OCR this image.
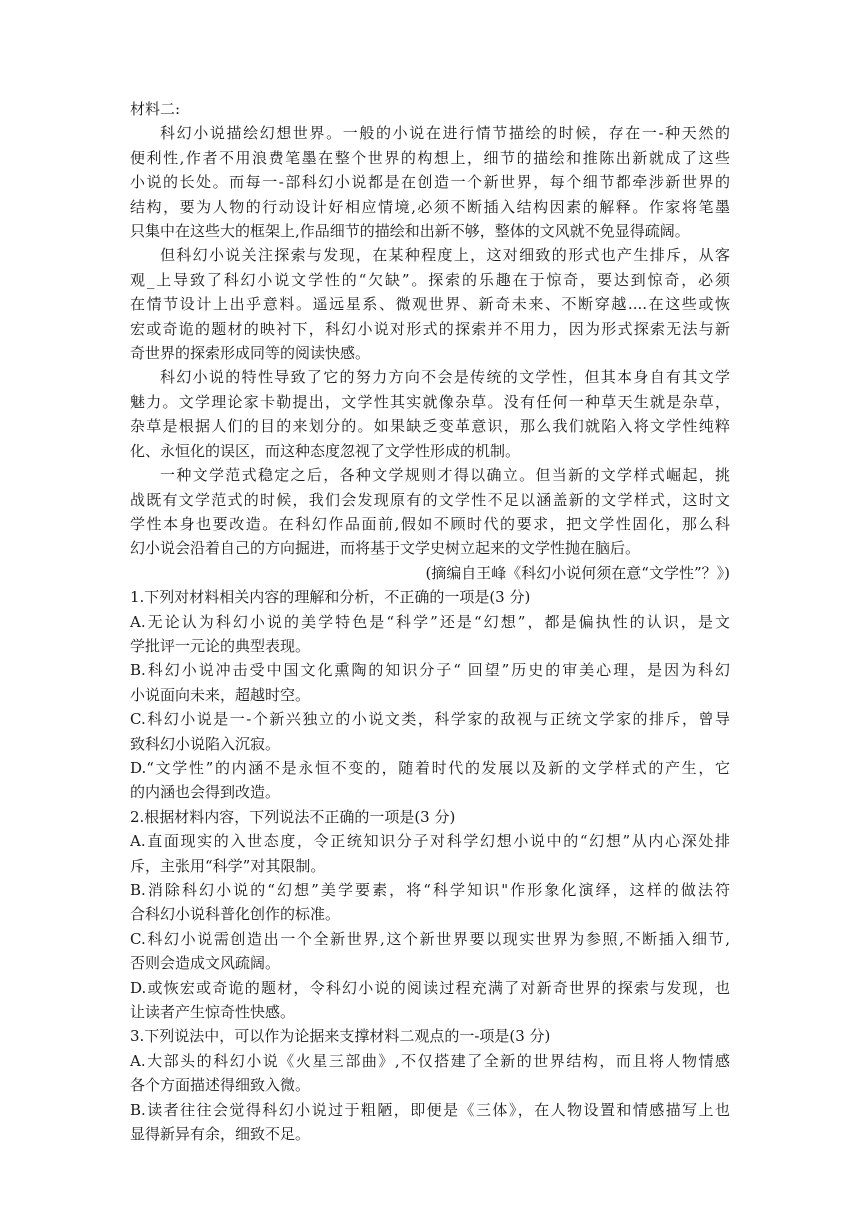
材料二:
科幻小说描绘幻想世界。一般的小说在进行情节描绘的时候，存在一-种天然的
便利性,作者不用浪费笔墨在整个世界的构想上，细节的描绘和推陈出新就成了这些
小说的长处。而每一-部科幻小说都是在创造一个新世界，每个细节都牵涉新世界的
结构，要为人物的行动设计好相应情境,必须不断插入结构因素的解释。作家将笔墨
只集中在这些大的框架上,作品细节的描绘和出新不够，整体的文风就不免显得疏阔。
但科幻小说关注探索与发现，在某种程度上，这对细致的形式也产生排斥，从客
观_上导致了科幻小说文学性的“欠缺”。探索的乐趣在于惊奇，要达到惊奇，必须
在情节设计上出乎意料。遥远星系、微观世界、新奇未来、不断穿越....在这些或恢
宏或奇诡的题材的映衬下，科幻小说对形式的探索并不用力，因为形式探索无法与新
奇世界的探索形成同等的阅读快感。
科幻小说的特性导致了它的努力方向不会是传统的文学性，但其本身自有其文学
魅力。文学理论家卡勒提出，文学性其实就像杂草。没有任何一种草天生就是杂草，
杂草是根据人们的目的来划分的。如果缺乏变革意识，那么我们就陷入将文学性纯粹
化、永恒化的误区，而这种态度忽视了文学性形成的机制。
一种文学范式稳定之后，各种文学规则才得以确立。但当新的文学样式崛起，挑
战既有文学范式的时候，我们会发现原有的文学性不足以涵盖新的文学样式，这时文
学性本身也要改造。在科幻作品面前,假如不顾时代的要求，把文学性固化，那么科
幻小说会沿着自己的方向掘进，而将基于文学史树立起来的文学性抛在脑后。
(摘编自王峰《科幻小说何须在意“文学性”？》)
1.下列对材料相关内容的理解和分析，不正确的一项是(3 分)
A.无论认为科幻小说的美学特色是“科学”还是“幻想”，都是偏执性的认识，是文
学批评一元论的典型表现。
B.科幻小说冲击受中国文化熏陶的知识分子“ 回望”历史的审美心理，是因为科幻
小说面向未来，超越时空。
C.科幻小说是一-个新兴独立的小说文类，科学家的敌视与正统文学家的排斥，曾导
致科幻小说陷入沉寂。
D.“文学性”的内涵不是永恒不变的，随着时代的发展以及新的文学样式的产生，它
的内涵也会得到改造。
2.根据材料内容，下列说法不正确的一项是(3 分)
A.直面现实的入世态度，令正统知识分子对科学幻想小说中的“幻想”从内心深处排
斥，主张用“科学”对其限制。
B.消除科幻小说的“幻想”美学要素，将“科学知识"作形象化演绎，这样的做法符
合科幻小说科普化创作的标准。
C.科幻小说需创造出一个全新世界,这个新世界要以现实世界为参照,不断插入细节,
否则会造成文风疏阔。
D.或恢宏或奇诡的题材，令科幻小说的阅读过程充满了对新奇世界的探索与发现，也
让读者产生惊奇性快感。
3.下列说法中，可以作为论据来支撑材料二观点的一-项是(3 分)
A.大部头的科幻小说《火星三部曲》,不仅搭建了全新的世界结构，而且将人物情感
各个方面描述得细致入微。
B.读者往往会觉得科幻小说过于粗陋，即便是《三体》，在人物设置和情感描写上也
显得新异有余，细致不足。
